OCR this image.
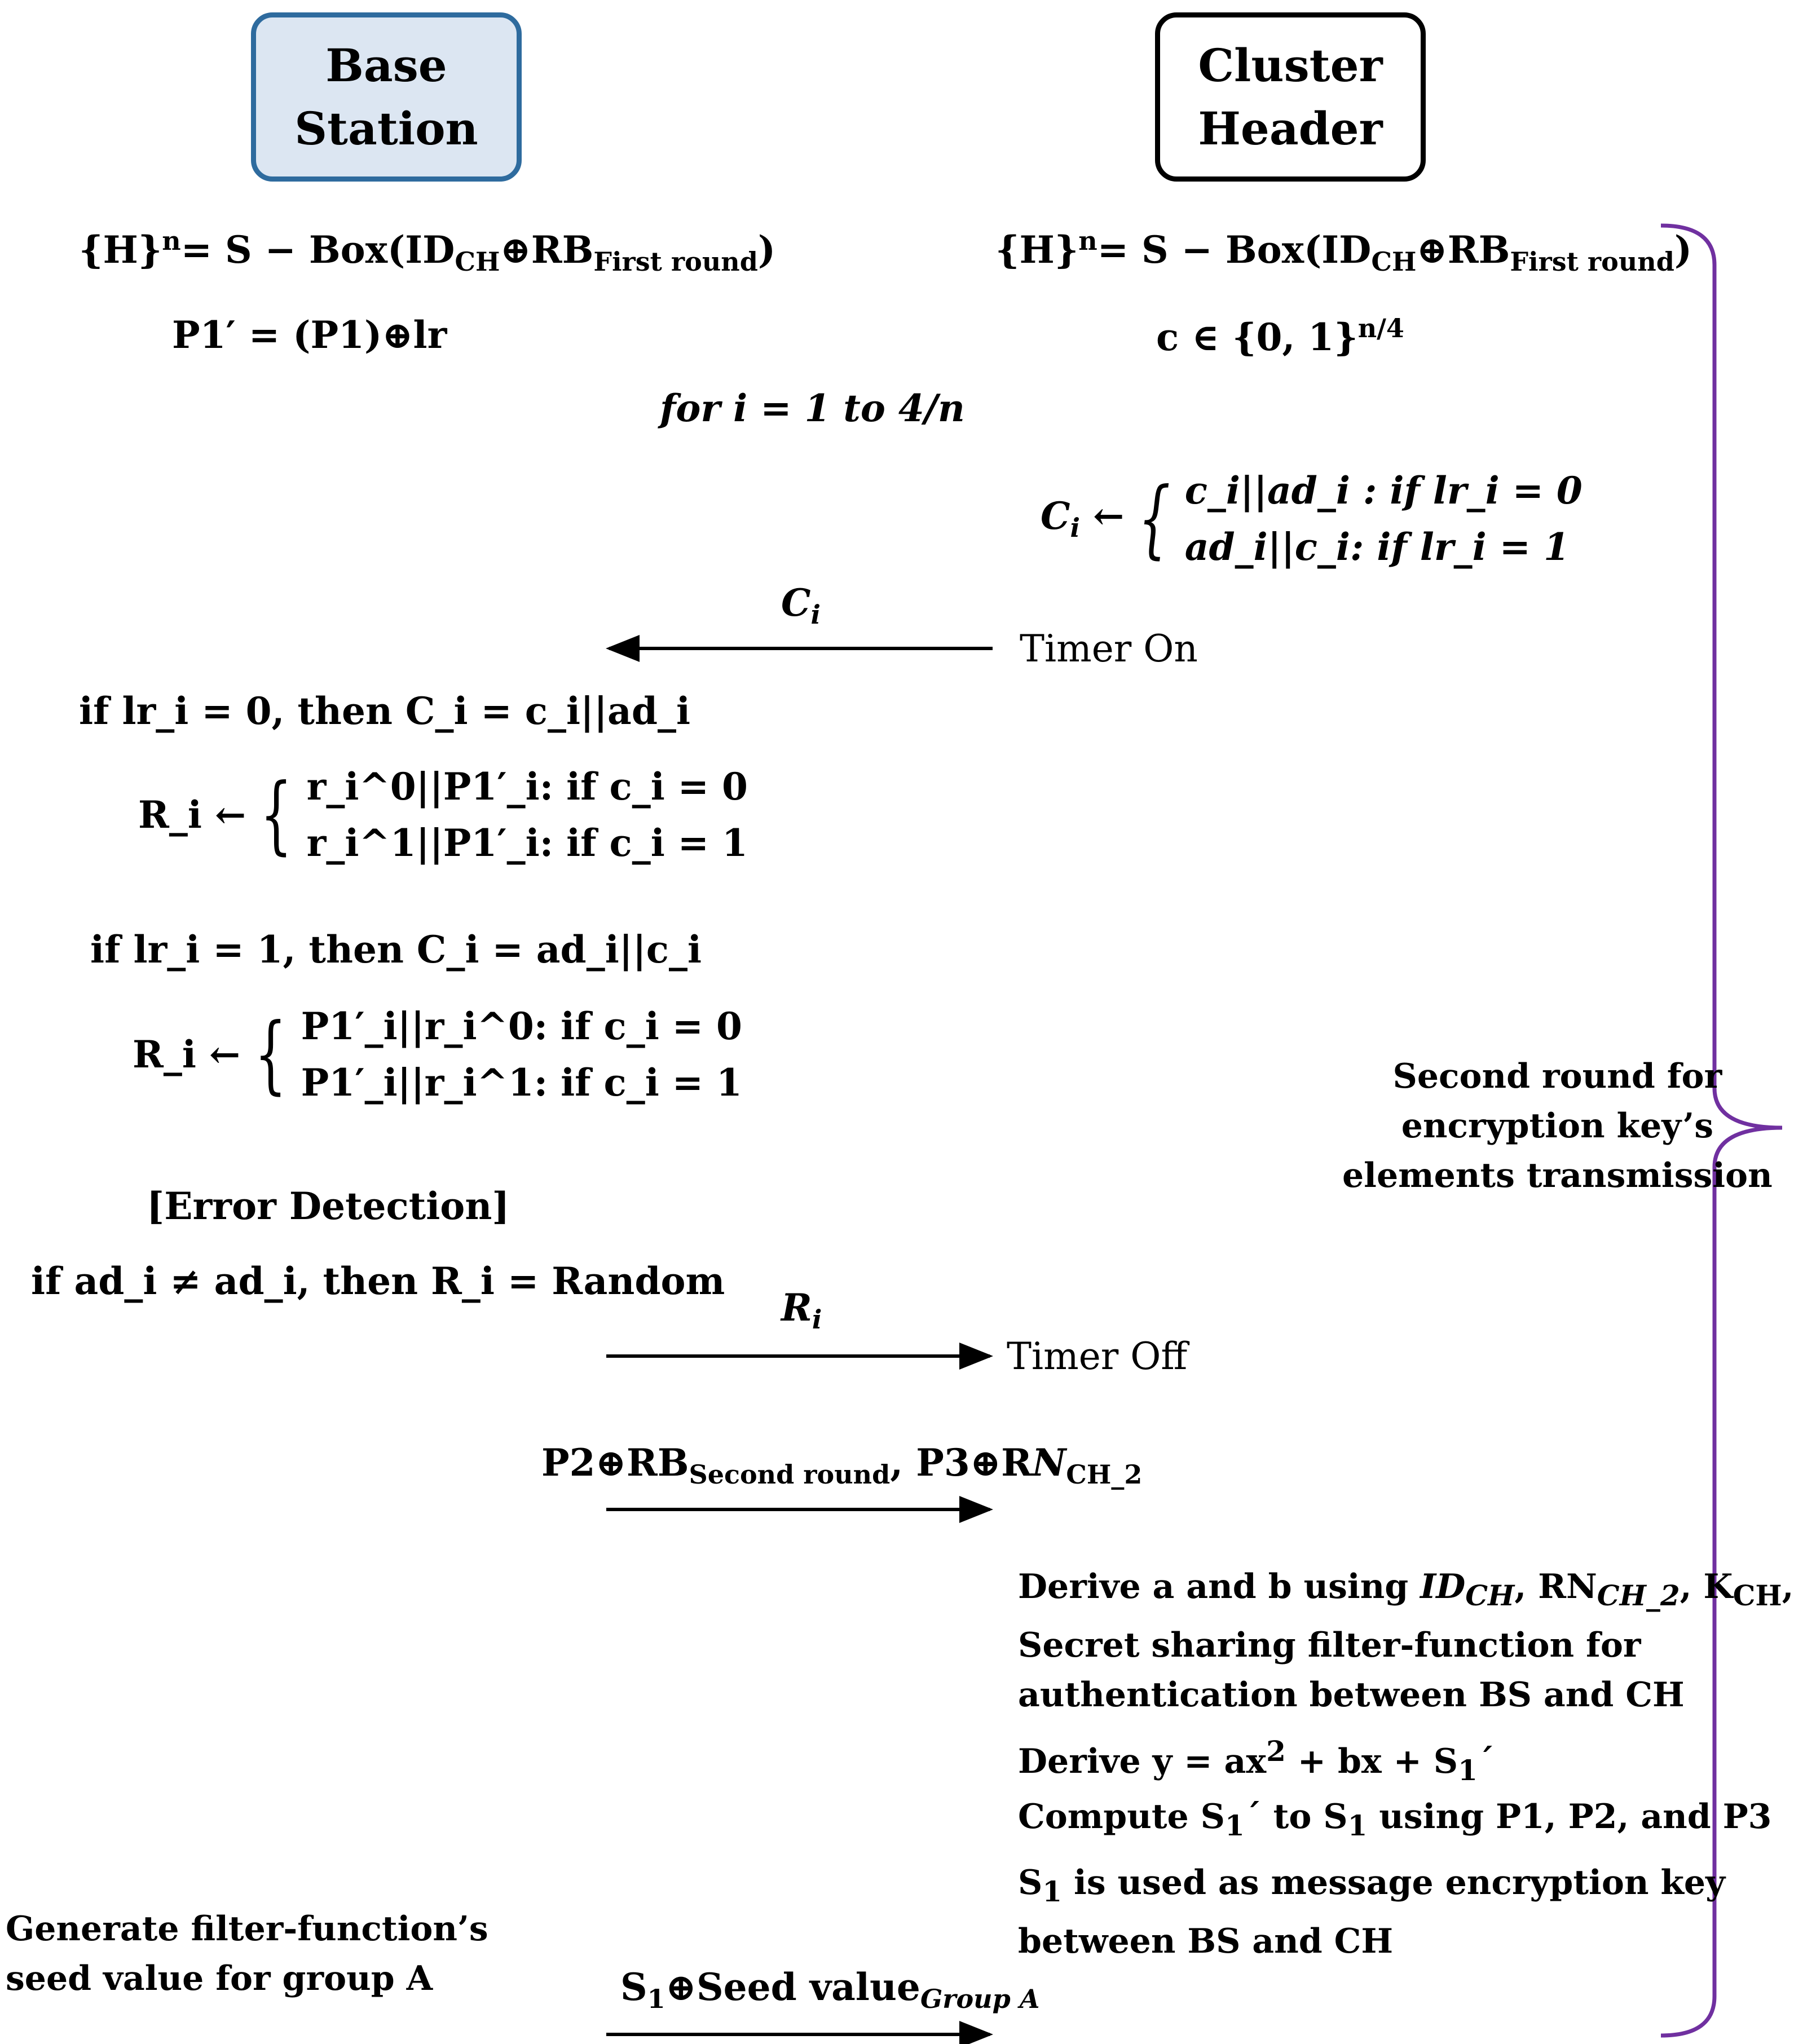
Base
Station
Cluster
Header
$\{H\}^n= S$ − $Box(ID_{CH}\oplus RB_{First round})$	$\{H\}^n= S$ − $Box(ID_{CH}\oplus RB_{First round})$
P1′ = (P1)⊕lr	c ∈ {0, 1}$^{n/4}$
for i = 1 to 4/n
$C_i$ ← { c_i||ad_i : if lr_i = 0
ad_i||c_i: if lr_i = 1
$C_i$
Timer On
if lr_i = 0, then C_i = c_i||ad_i
R_i ← { r_i^0||P1′_i: if c_i = 0
r_i^1||P1′_i: if c_i = 1
if lr_i = 1, then C_i = ad_i||c_i
R_i ← { P1′_i||r_i^0: if c_i = 0
P1′_i||r_i^1: if c_i = 1
[Error Detection]
if ad_i ≠ ad_i, then R_i = Random
$R_i$
Timer Off
$P2\oplus RB_{Second round}$, $P3\oplus RN_{CH\_2}$
Derive a and b using $ID_{CH}$, $RN_{CH\_2}$, $K_{CH}$,
Secret sharing filter-function for
authentication between BS and CH
Derive $y = ax^2$ + bx + $S_1´$
Compute $S_1´$ to $S_1$ using P1, P2, and P3
$S_1$ is used as message encryption key
between BS and CH
Generate filter-function’s
seed value for group A	$S_1\oplus Seed$ value$_{Group A}$
Second round for
encryption key’s
elements transmission
